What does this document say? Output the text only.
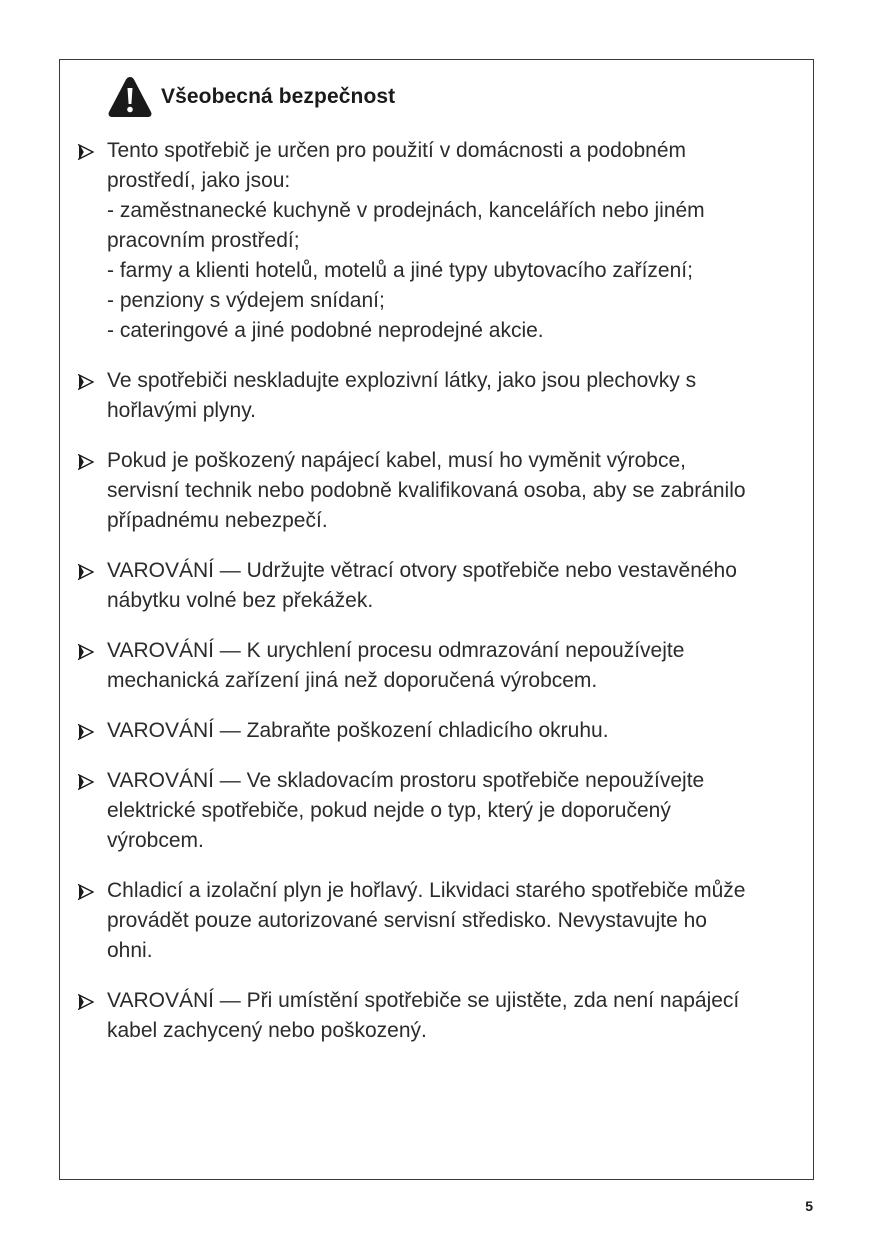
Všeobecná bezpečnost
Tento spotřebič je určen pro použití v domácnosti a podobném
prostředí, jako jsou:
- zaměstnanecké kuchyně v prodejnách, kancelářích nebo jiném
pracovním prostředí;
- farmy a klienti hotelů, motelů a jiné typy ubytovacího zařízení;
- penziony s výdejem snídaní;
- cateringové a jiné podobné neprodejné akcie.
Ve spotřebiči neskladujte explozivní látky, jako jsou plechovky s
hořlavými plyny.
Pokud je poškozený napájecí kabel, musí ho vyměnit výrobce,
servisní technik nebo podobně kvalifikovaná osoba, aby se zabránilo
případnému nebezpečí.
VAROVÁNÍ — Udržujte větrací otvory spotřebiče nebo vestavěného
nábytku volné bez překážek.
VAROVÁNÍ — K urychlení procesu odmrazování nepoužívejte
mechanická zařízení jiná než doporučená výrobcem.
VAROVÁNÍ — Zabraňte poškození chladicího okruhu.
VAROVÁNÍ — Ve skladovacím prostoru spotřebiče nepoužívejte
elektrické spotřebiče, pokud nejde o typ, který je doporučený
výrobcem.
Chladicí a izolační plyn je hořlavý. Likvidaci starého spotřebiče může
provádět pouze autorizované servisní středisko. Nevystavujte ho
ohni.
VAROVÁNÍ — Při umístění spotřebiče se ujistěte, zda není napájecí
kabel zachycený nebo poškozený.
5
